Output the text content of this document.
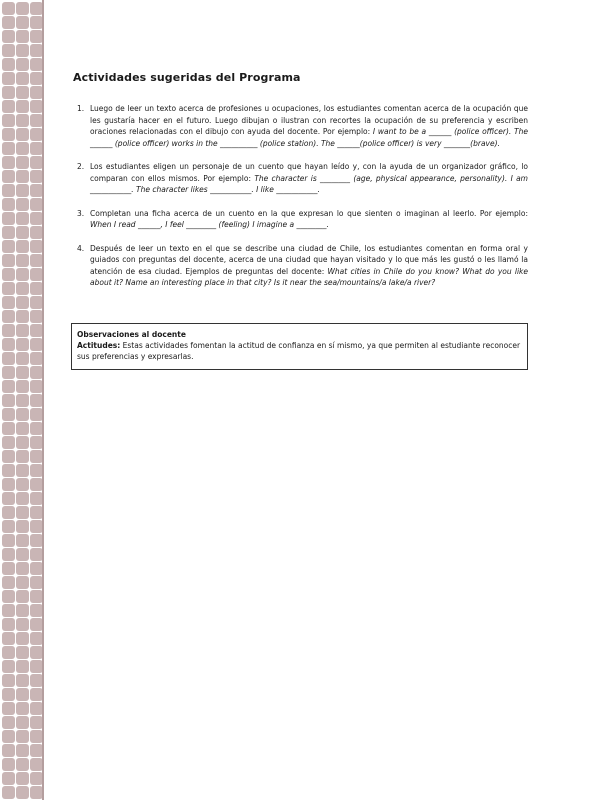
Actividades sugeridas del Programa
1. Luego de leer un texto acerca de profesiones u ocupaciones, los estudiantes comentan acerca de la ocupación que les gustaría hacer en el futuro. Luego dibujan o ilustran con recortes la ocupación de su preferencia y escriben oraciones relacionadas con el dibujo con ayuda del docente. Por ejemplo: I want to be a ______ (police officer). The ______ (police officer) works in the __________ (police station). The ______(police officer) is very _______(brave).
2. Los estudiantes eligen un personaje de un cuento que hayan leído y, con la ayuda de un organizador gráfico, lo comparan con ellos mismos. Por ejemplo: The character is ________ (age, physical appearance, personality). I am ___________. The character likes ___________. I like ___________.
3. Completan una ficha acerca de un cuento en la que expresan lo que sienten o imaginan al leerlo. Por ejemplo: When I read ______, I feel ________ (feeling) I imagine a ________.
4. Después de leer un texto en el que se describe una ciudad de Chile, los estudiantes comentan en forma oral y guiados con preguntas del docente, acerca de una ciudad que hayan visitado y lo que más les gustó o les llamó la atención de esa ciudad. Ejemplos de preguntas del docente: What cities in Chile do you know? What do you like about it? Name an interesting place in that city? Is it near the sea/mountains/a lake/a river?
Observaciones al docente
Actitudes: Estas actividades fomentan la actitud de confianza en sí mismo, ya que permiten al estudiante reconocer sus preferencias y expresarlas.
